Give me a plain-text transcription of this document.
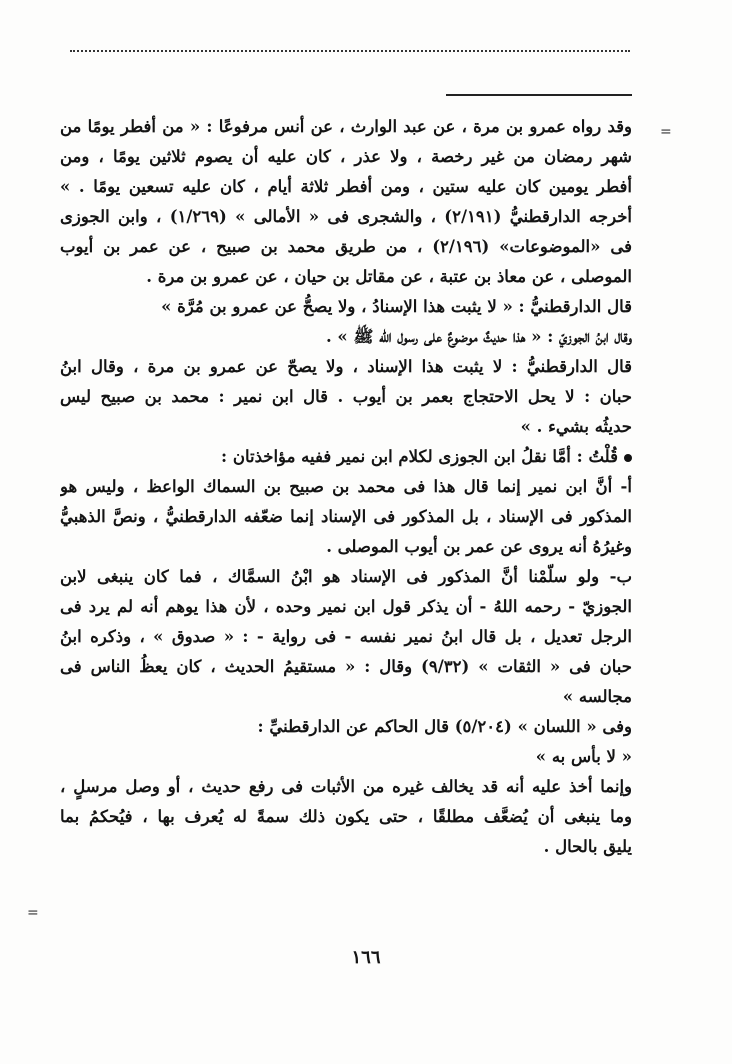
=
=
وقد رواه عمرو بن مرة ، عن عبد الوارث ، عن أنس مرفوعًا : « من أفطر يومًا من
شهر رمضان من غير رخصة ، ولا عذر ، كان عليه أن يصوم ثلاثين يومًا ، ومن
أفطر يومين كان عليه ستين ، ومن أفطر ثلاثة أيام ، كان عليه تسعين يومًا . »
أخرجه الدارقطنيُّ (٢/١٩١) ، والشجرى فى « الأمالى » (١/٢٦٩) ، وابن الجوزى
فى «الموضوعات» (٢/١٩٦) ، من طريق محمد بن صبيح ، عن عمر بن أيوب
الموصلى ، عن معاذ بن عتبة ، عن مقاتل بن حيان ، عن عمرو بن مرة .
قال الدارقطنيُّ : « لا يثبت هذا الإسنادُ ، ولا يصحُّ عن عمرو بن مُرَّة »
وقال ابنُ الجوزيّ : « هذا حديثٌ موضوعٌ على رسول الله ﷺ » .
قال الدارقطنيُّ : لا يثبت هذا الإسناد ، ولا يصحّ عن عمرو بن مرة ، وقال ابنُ
حبان : لا يحل الاحتجاج بعمر بن أيوب . قال ابن نمير : محمد بن صبيح ليس
حديثُه بشيء . »
قُلْتُ : أمَّا نقلُ ابن الجوزى لكلام ابن نمير ففيه مؤاخذتان :
أ- أنَّ ابن نمير إنما قال هذا فى محمد بن صبيح بن السماك الواعظ ، وليس هو
المذكور فى الإسناد ، بل المذكور فى الإسناد إنما ضعّفه الدارقطنيُّ ، ونصَّ الذهبيُّ
وغيرُهُ أنه يروى عن عمر بن أيوب الموصلى .
ب- ولو سلّمْنا أنَّ المذكور فى الإسناد هو ابْنُ السمَّاك ، فما كان ينبغى لابن
الجوزيّ - رحمه اللهُ - أن يذكر قول ابن نمير وحده ، لأن هذا يوهم أنه لم يرد فى
الرجل تعديل ، بل قال ابنُ نمير نفسه - فى رواية - : « صدوق » ، وذكره ابنُ
حبان فى « الثقات » (٩/٣٢) وقال : « مستقيمُ الحديث ، كان يعظُ الناس فى
مجالسه »
وفى « اللسان » (٥/٢٠٤) قال الحاكم عن الدارقطنيِّ :
« لا بأس به »
وإنما أخذ عليه أنه قد يخالف غيره من الأثبات فى رفع حديث ، أو وصل مرسلٍ ،
وما ينبغى أن يُضعَّف مطلقًا ، حتى يكون ذلك سمةً له يُعرف بها ، فيُحكمُ بما
يليق بالحال .
١٦٦
